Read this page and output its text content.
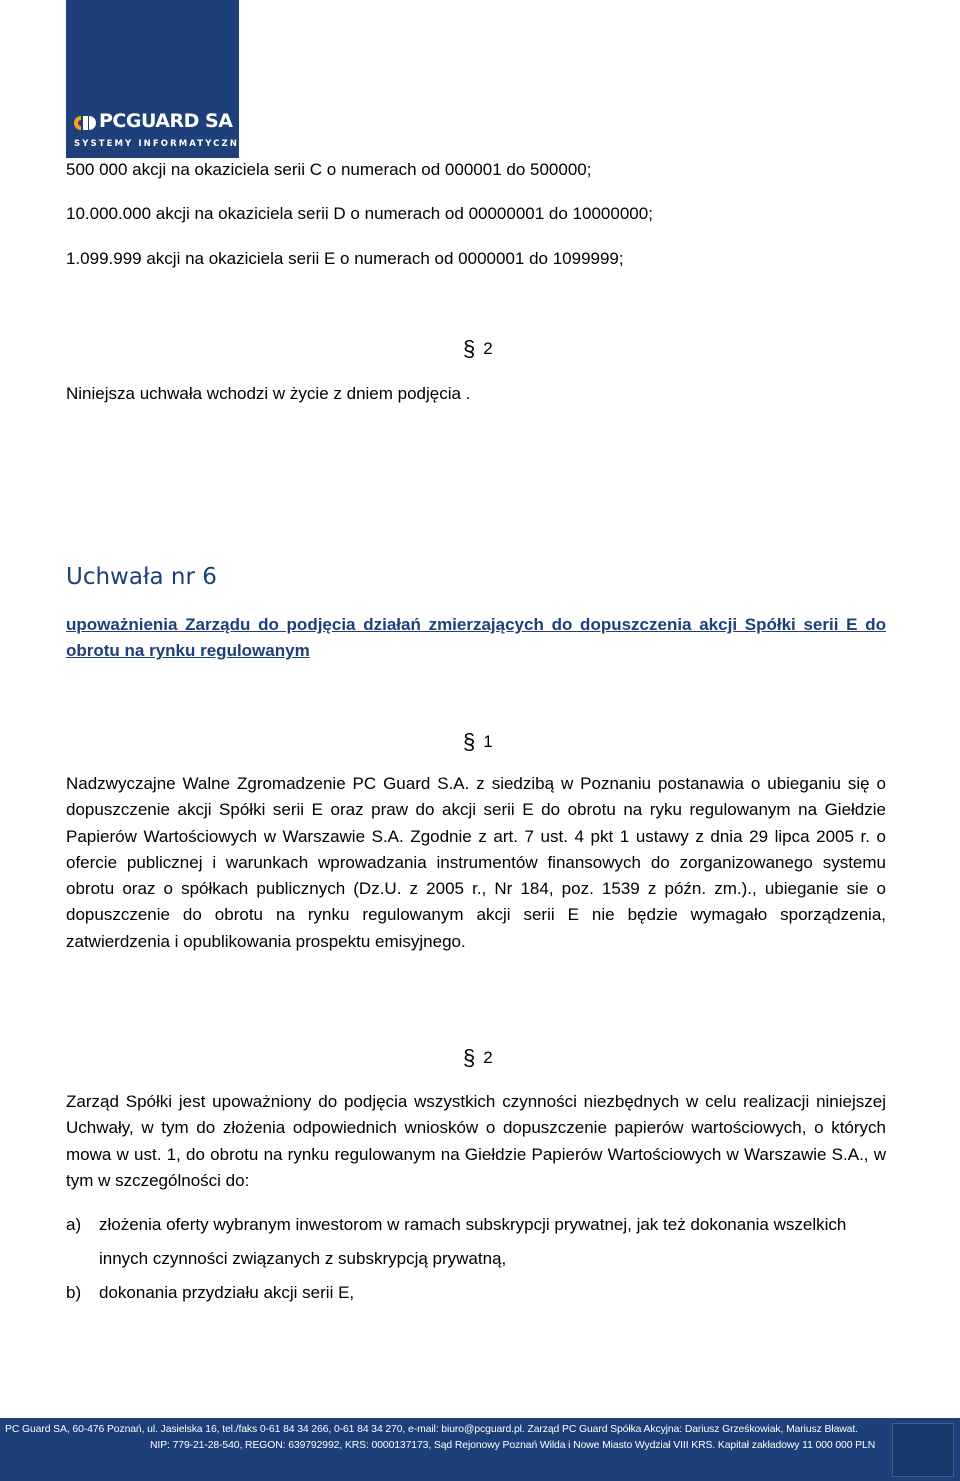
PCGUARD SA
SYSTEMY INFORMATYCZNE
500 000 akcji na okaziciela serii C o numerach od 000001 do 500000;
10.000.000 akcji na okaziciela serii D o numerach od 00000001 do 10000000;
1.099.999 akcji na okaziciela serii E o numerach od 0000001 do 1099999;
§ 2
Niniejsza uchwała wchodzi w życie z dniem podjęcia .
Uchwała nr 6
upoważnienia Zarządu do podjęcia działań zmierzających do dopuszczenia akcji Spółki serii E do obrotu na rynku regulowanym
§ 1
Nadzwyczajne Walne Zgromadzenie PC Guard S.A. z siedzibą w Poznaniu postanawia o ubieganiu się o dopuszczenie akcji Spółki serii E oraz praw do akcji serii E do obrotu na ryku regulowanym na Giełdzie Papierów Wartościowych w Warszawie S.A. Zgodnie z art. 7 ust. 4 pkt 1 ustawy z dnia 29 lipca 2005 r. o ofercie publicznej i warunkach wprowadzania instrumentów finansowych do zorganizowanego systemu obrotu oraz o spółkach publicznych (Dz.U. z 2005 r., Nr 184, poz. 1539 z późn. zm.)., ubieganie sie o dopuszczenie do obrotu na rynku regulowanym akcji serii E nie będzie wymagało sporządzenia, zatwierdzenia i opublikowania prospektu emisyjnego.
§ 2
Zarząd Spółki jest upoważniony do podjęcia wszystkich czynności niezbędnych w celu realizacji niniejszej Uchwały, w tym do złożenia odpowiednich wniosków o dopuszczenie papierów wartościowych, o których mowa w ust. 1, do obrotu na rynku regulowanym na Giełdzie Papierów Wartościowych w Warszawie S.A., w tym w szczególności do:
a) złożenia oferty wybranym inwestorom w ramach subskrypcji prywatnej, jak też dokonania wszelkich innych czynności związanych z subskrypcją prywatną,
b) dokonania przydziału akcji serii E,
PC Guard SA, 60-476 Poznań, ul. Jasielska 16, tel./faks 0-61 84 34 266, 0-61 84 34 270, e-mail: biuro@pcguard.pl. Zarząd PC Guard Spółka Akcyjna: Dariusz Grześkowiak, Mariusz Bławat.
NIP: 779-21-28-540, REGON: 639792992, KRS: 0000137173, Sąd Rejonowy Poznań Wilda i Nowe Miasto Wydział VIII KRS. Kapitał zakładowy 11 000 000 PLN
